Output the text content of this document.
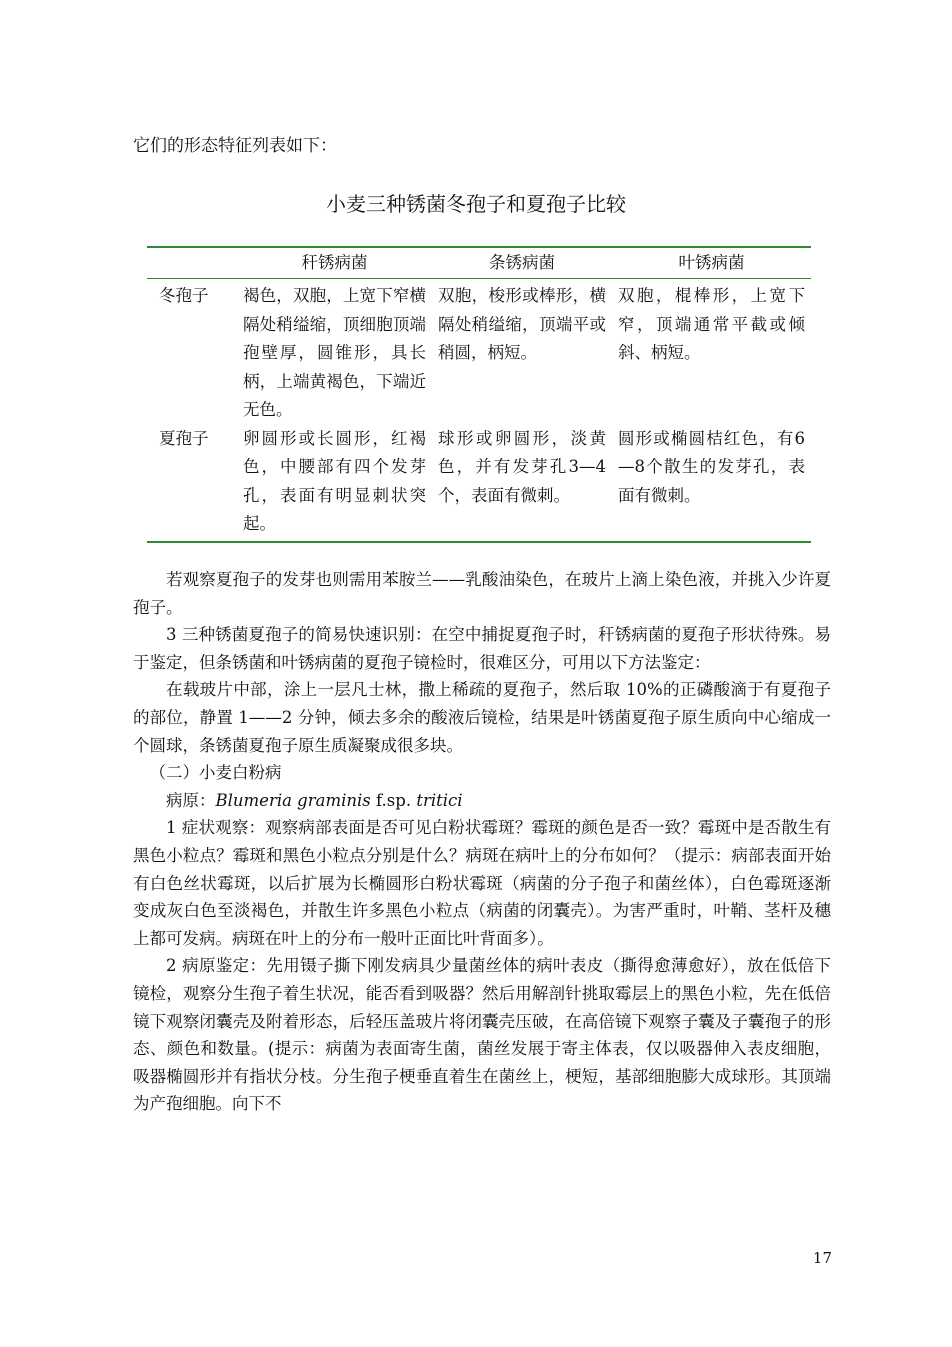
它们的形态特征列表如下：

小麦三种锈菌冬孢子和夏孢子比较
	秆锈病菌	条锈病菌	叶锈病菌
冬孢子	褐色，双胞，上宽下窄横隔处稍缢缩，顶细胞顶端孢壁厚，圆锥形，具长柄，上端黄褐色，下端近无色。	双胞，梭形或棒形，横隔处稍缢缩，顶端平或稍圆，柄短。	双胞，棍棒形，上宽下窄，顶端通常平截或倾斜、柄短。
夏孢子	卵圆形或长圆形，红褐色，中腰部有四个发芽孔，表面有明显刺状突起。	球形或卵圆形，淡黄色，并有发芽孔3—4个，表面有微刺。	圆形或椭圆桔红色，有6—8个散生的发芽孔，表面有微刺。

若观察夏孢子的发芽也则需用苯胺兰——乳酸油染色，在玻片上滴上染色液，并挑入少许夏孢子。

3 三种锈菌夏孢子的简易快速识别：在空中捕捉夏孢子时，秆锈病菌的夏孢子形状待殊。易于鉴定，但条锈菌和叶锈病菌的夏孢子镜检时，很难区分，可用以下方法鉴定：

在载玻片中部，涂上一层凡士林，撒上稀疏的夏孢子，然后取 10%的正磷酸滴于有夏孢子的部位，静置 1——2 分钟，倾去多余的酸液后镜检，结果是叶锈菌夏孢子原生质向中心缩成一个圆球，条锈菌夏孢子原生质凝聚成很多块。

（二）小麦白粉病

病原：Blumeria graminis f.sp. tritici

1 症状观察：观察病部表面是否可见白粉状霉斑？霉斑的颜色是否一致？霉斑中是否散生有黑色小粒点？霉斑和黑色小粒点分别是什么？病斑在病叶上的分布如何？（提示：病部表面开始有白色丝状霉斑，以后扩展为长椭圆形白粉状霉斑（病菌的分子孢子和菌丝体），白色霉斑逐渐变成灰白色至淡褐色，并散生许多黑色小粒点（病菌的闭囊壳）。为害严重时，叶鞘、茎杆及穗上都可发病。病斑在叶上的分布一般叶正面比叶背面多）。

2 病原鉴定：先用镊子撕下刚发病具少量菌丝体的病叶表皮（撕得愈薄愈好），放在低倍下镜检，观察分生孢子着生状况，能否看到吸器？然后用解剖针挑取霉层上的黑色小粒，先在低倍镜下观察闭囊壳及附着形态，后轻压盖玻片将闭囊壳压破，在高倍镜下观察子囊及子囊孢子的形态、颜色和数量。(提示：病菌为表面寄生菌，菌丝发展于寄主体表，仅以吸器伸入表皮细胞，吸器椭圆形并有指状分枝。分生孢子梗垂直着生在菌丝上，梗短，基部细胞膨大成球形。其顶端为产孢细胞。向下不

17
